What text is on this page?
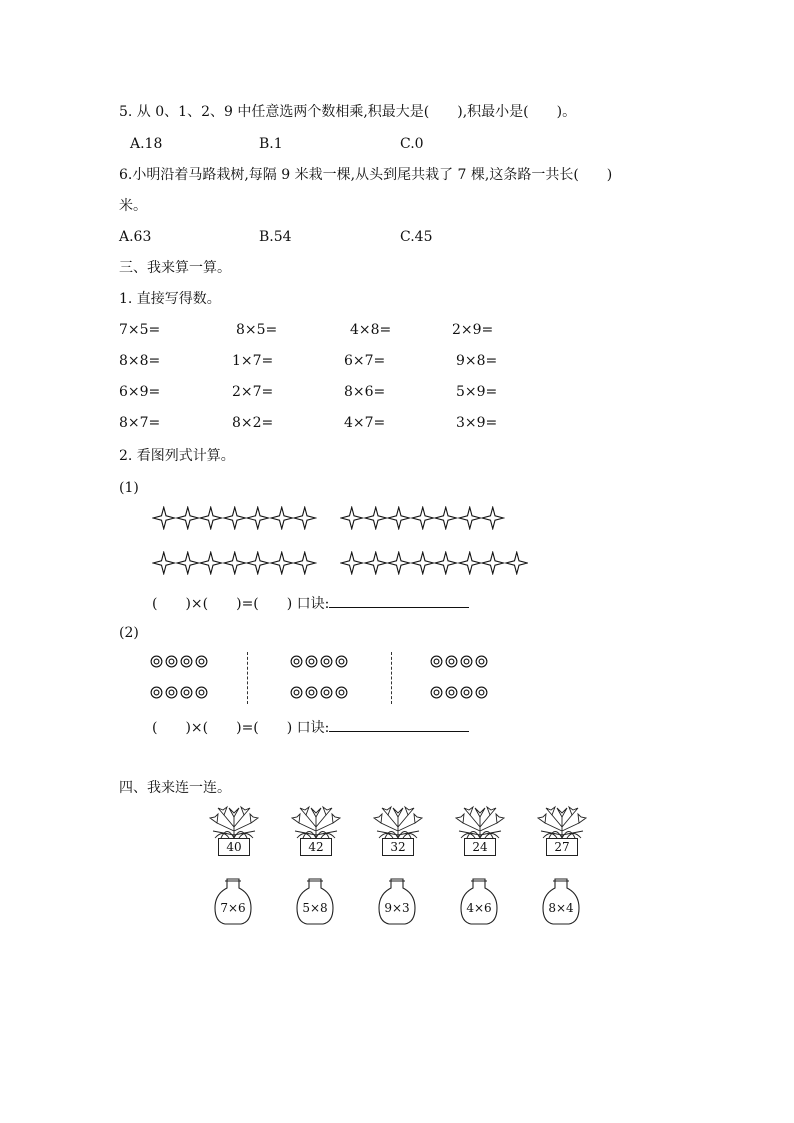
5. 从 0、1、2、9 中任意选两个数相乘,积最大是(　　),积最小是(　　)。
A.18	B.1	C.0
6.小明沿着马路栽树,每隔 9 米栽一棵,从头到尾共栽了 7 棵,这条路一共长(　　)
米。
A.63	B.54	C.45
三、我来算一算。
1. 直接写得数。
7×5=	8×5=	4×8=	2×9=
8×8=	1×7=	6×7=	9×8=
6×9=	2×7=	8×6=	5×9=
8×7=	8×2=	4×7=	3×9=
2. 看图列式计算。
(1)
(　　)×(　　)=(　　) 口诀:
(2)
(　　)×(　　)=(　　) 口诀:
四、我来连一连。
40	42	32	24	27
7×6	5×8	9×3	4×6	8×4
